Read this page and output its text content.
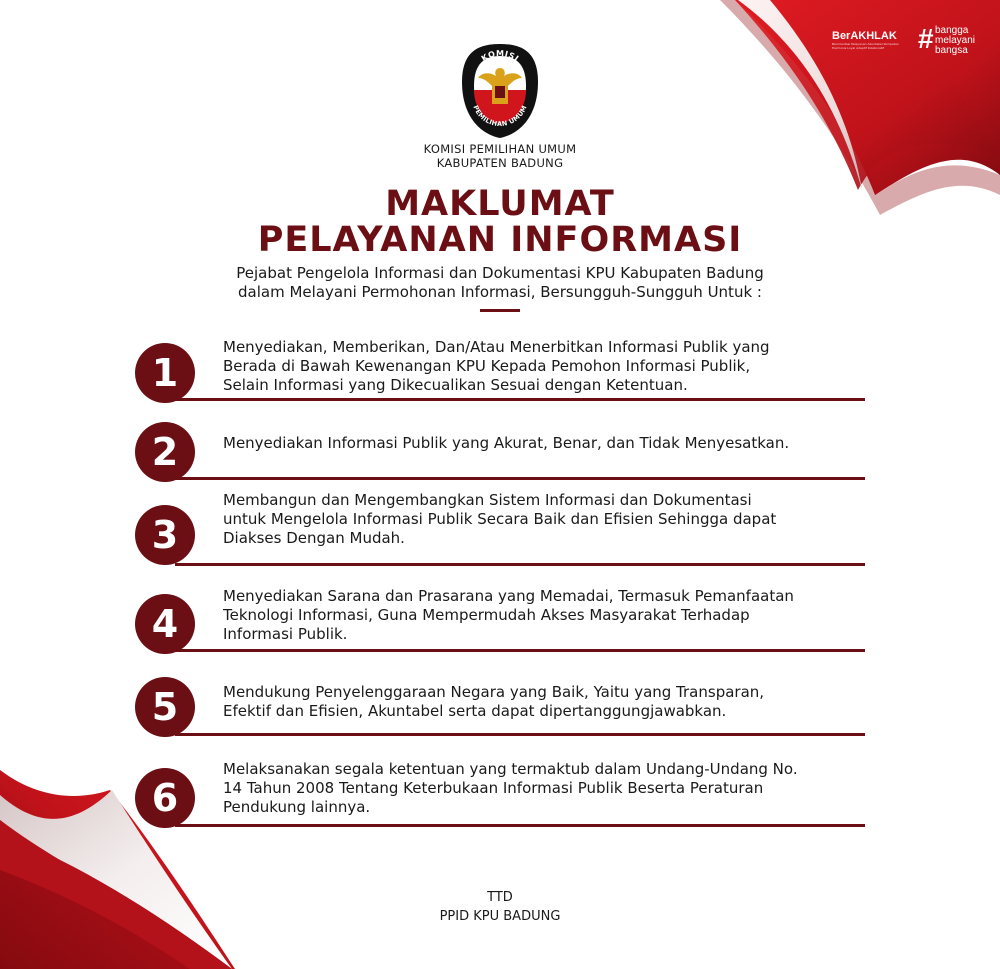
BerAKHLAK
Berorientasi Pelayanan Akuntabel Kompeten Harmonis Loyal Adaptif Kolaboratif	# bangga
melayani
bangsa
KOMISI
PEMILIHAN UMUM
KOMISI PEMILIHAN UMUM
KABUPATEN BADUNG
MAKLUMAT
PELAYANAN INFORMASI
Pejabat Pengelola Informasi dan Dokumentasi KPU Kabupaten Badung
dalam Melayani Permohonan Informasi, Bersungguh-Sungguh Untuk :
1
Menyediakan, Memberikan, Dan/Atau Menerbitkan Informasi Publik yang
Berada di Bawah Kewenangan KPU Kepada Pemohon Informasi Publik,
Selain Informasi yang Dikecualikan Sesuai dengan Ketentuan.
2	Menyediakan Informasi Publik yang Akurat, Benar, dan Tidak Menyesatkan.
3
Membangun dan Mengembangkan Sistem Informasi dan Dokumentasi
untuk Mengelola Informasi Publik Secara Baik dan Efisien Sehingga dapat
Diakses Dengan Mudah.
4
Menyediakan Sarana dan Prasarana yang Memadai, Termasuk Pemanfaatan
Teknologi Informasi, Guna Mempermudah Akses Masyarakat Terhadap
Informasi Publik.
5	Mendukung Penyelenggaraan Negara yang Baik, Yaitu yang Transparan,
Efektif dan Efisien, Akuntabel serta dapat dipertanggungjawabkan.
6
Melaksanakan segala ketentuan yang termaktub dalam Undang-Undang No.
14 Tahun 2008 Tentang Keterbukaan Informasi Publik Beserta Peraturan
Pendukung lainnya.
TTD
PPID KPU BADUNG
